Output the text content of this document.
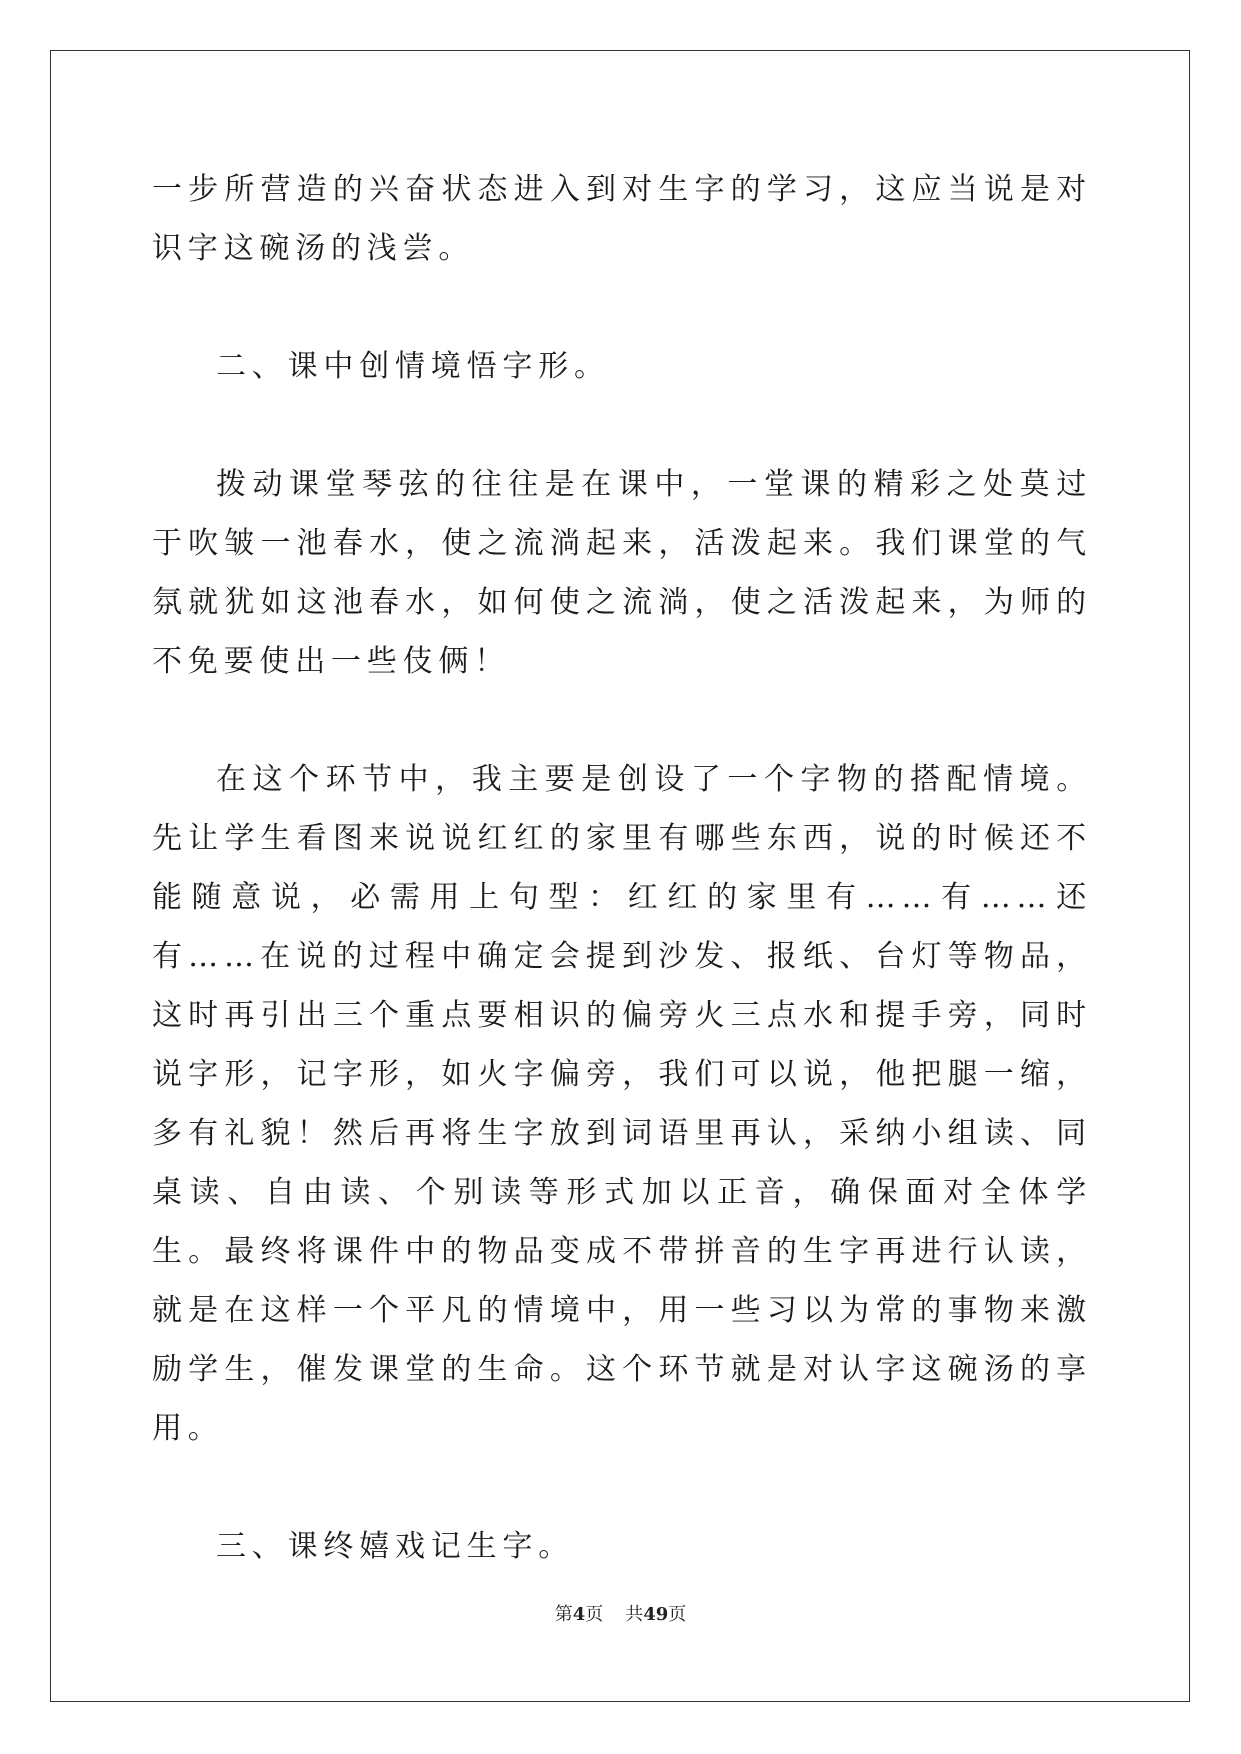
一步所营造的兴奋状态进入到对生字的学习，这应当说是对识字这碗汤的浅尝。

二、课中创情境悟字形。

拨动课堂琴弦的往往是在课中，一堂课的精彩之处莫过于吹皱一池春水，使之流淌起来，活泼起来。我们课堂的气氛就犹如这池春水，如何使之流淌，使之活泼起来，为师的不免要使出一些伎俩！

在这个环节中，我主要是创设了一个字物的搭配情境。先让学生看图来说说红红的家里有哪些东西，说的时候还不能随意说，必需用上句型：红红的家里有……有……还有……在说的过程中确定会提到沙发、报纸、台灯等物品，这时再引出三个重点要相识的偏旁火三点水和提手旁，同时说字形，记字形，如火字偏旁，我们可以说，他把腿一缩，多有礼貌！然后再将生字放到词语里再认，采纳小组读、同桌读、自由读、个别读等形式加以正音，确保面对全体学生。最终将课件中的物品变成不带拼音的生字再进行认读，就是在这样一个平凡的情境中，用一些习以为常的事物来激励学生，催发课堂的生命。这个环节就是对认字这碗汤的享用。

三、课终嬉戏记生字。

第4页 共49页
